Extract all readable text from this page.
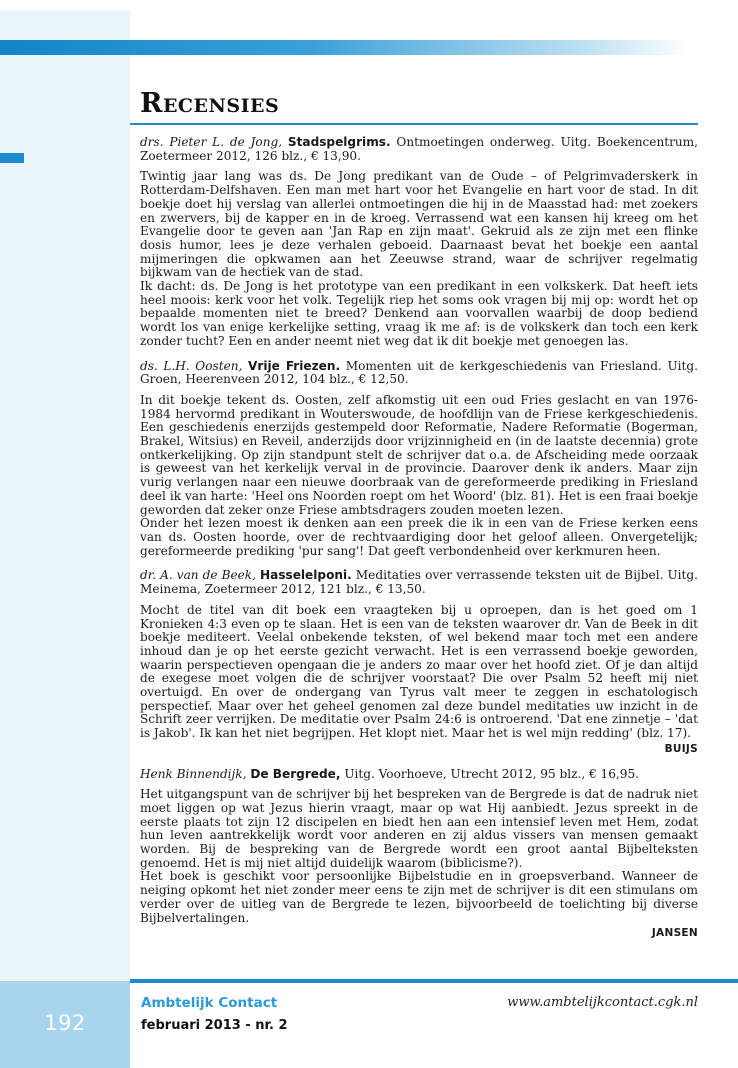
Recensies

drs. Pieter L. de Jong, Stadspelgrims. Ontmoetingen onderweg. Uitg. Boekencentrum, Zoetermeer 2012, 126 blz., € 13,90.

Twintig jaar lang was ds. De Jong predikant van de Oude – of Pelgrimvaderskerk in Rotterdam-Delfshaven. Een man met hart voor het Evangelie en hart voor de stad. In dit boekje doet hij verslag van allerlei ontmoetingen die hij in de Maasstad had: met zoekers en zwervers, bij de kapper en in de kroeg. Verrassend wat een kansen hij kreeg om het Evangelie door te geven aan 'Jan Rap en zijn maat'. Gekruid als ze zijn met een flinke dosis humor, lees je deze verhalen geboeid. Daarnaast bevat het boekje een aantal mijmeringen die opkwamen aan het Zeeuwse strand, waar de schrijver regelmatig bijkwam van de hectiek van de stad.

Ik dacht: ds. De Jong is het prototype van een predikant in een volkskerk. Dat heeft iets heel moois: kerk voor het volk. Tegelijk riep het soms ook vragen bij mij op: wordt het op bepaalde momenten niet te breed? Denkend aan voorvallen waarbij de doop bediend wordt los van enige kerkelijke setting, vraag ik me af: is de volkskerk dan toch een kerk zonder tucht? Een en ander neemt niet weg dat ik dit boekje met genoegen las.

ds. L.H. Oosten, Vrije Friezen. Momenten uit de kerkgeschiedenis van Friesland. Uitg. Groen, Heerenveen 2012, 104 blz., € 12,50.

In dit boekje tekent ds. Oosten, zelf afkomstig uit een oud Fries geslacht en van 1976-1984 hervormd predikant in Wouterswoude, de hoofdlijn van de Friese kerkgeschiedenis. Een geschiedenis enerzijds gestempeld door Reformatie, Nadere Reformatie (Bogerman, Brakel, Witsius) en Reveil, anderzijds door vrijzinnigheid en (in de laatste decennia) grote ontkerkelijking. Op zijn standpunt stelt de schrijver dat o.a. de Afscheiding mede oorzaak is geweest van het kerkelijk verval in de provincie. Daarover denk ik anders. Maar zijn vurig verlangen naar een nieuwe doorbraak van de gereformeerde prediking in Friesland deel ik van harte: 'Heel ons Noorden roept om het Woord' (blz. 81). Het is een fraai boekje geworden dat zeker onze Friese ambtsdragers zouden moeten lezen.

Onder het lezen moest ik denken aan een preek die ik in een van de Friese kerken eens van ds. Oosten hoorde, over de rechtvaardiging door het geloof alleen. Onvergetelijk; gereformeerde prediking 'pur sang'! Dat geeft verbondenheid over kerkmuren heen.

dr. A. van de Beek, Hasselelponi. Meditaties over verrassende teksten uit de Bijbel. Uitg. Meinema, Zoetermeer 2012, 121 blz., € 13,50.

Mocht de titel van dit boek een vraagteken bij u oproepen, dan is het goed om 1 Kronieken 4:3 even op te slaan. Het is een van de teksten waarover dr. Van de Beek in dit boekje mediteert. Veelal onbekende teksten, of wel bekend maar toch met een andere inhoud dan je op het eerste gezicht verwacht. Het is een verrassend boekje geworden, waarin perspectieven opengaan die je anders zo maar over het hoofd ziet. Of je dan altijd de exegese moet volgen die de schrijver voorstaat? Die over Psalm 52 heeft mij niet overtuigd. En over de ondergang van Tyrus valt meer te zeggen in eschatologisch perspectief. Maar over het geheel genomen zal deze bundel meditaties uw inzicht in de Schrift zeer verrijken. De meditatie over Psalm 24:6 is ontroerend. 'Dat ene zinnetje – 'dat is Jakob'. Ik kan het niet begrijpen. Het klopt niet. Maar het is wel mijn redding' (blz. 17).

BUIJS

Henk Binnendijk, De Bergrede, Uitg. Voorhoeve, Utrecht 2012, 95 blz., € 16,95.

Het uitgangspunt van de schrijver bij het bespreken van de Bergrede is dat de nadruk niet moet liggen op wat Jezus hierin vraagt, maar op wat Hij aanbiedt. Jezus spreekt in de eerste plaats tot zijn 12 discipelen en biedt hen aan een intensief leven met Hem, zodat hun leven aantrekkelijk wordt voor anderen en zij aldus vissers van mensen gemaakt worden. Bij de bespreking van de Bergrede wordt een groot aantal Bijbelteksten genoemd. Het is mij niet altijd duidelijk waarom (biblicisme?).

Het boek is geschikt voor persoonlijke Bijbelstudie en in groepsverband. Wanneer de neiging opkomt het niet zonder meer eens te zijn met de schrijver is dit een stimulans om verder over de uitleg van de Bergrede te lezen, bijvoorbeeld de toelichting bij diverse Bijbelvertalingen.

JANSEN

192
Ambtelijk Contact
februari 2013 - nr. 2
www.ambtelijkcontact.cgk.nl
